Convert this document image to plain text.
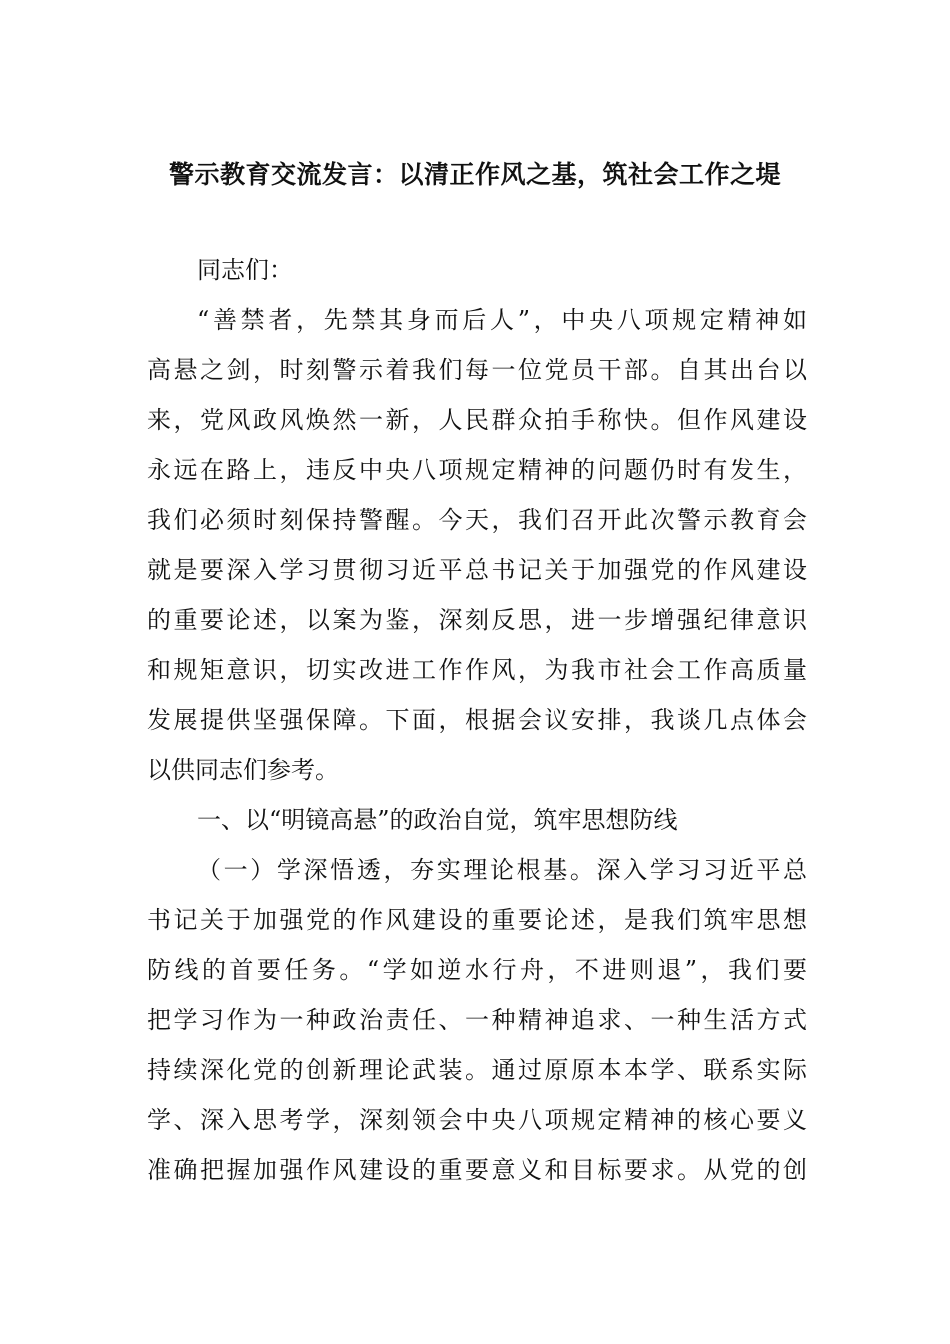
警示教育交流发言：以清正作风之基，筑社会工作之堤
同志们：
“善禁者，先禁其身而后人”，中央八项规定精神如
高悬之剑，时刻警示着我们每一位党员干部。自其出台以
来，党风政风焕然一新，人民群众拍手称快。但作风建设
永远在路上，违反中央八项规定精神的问题仍时有发生，
我们必须时刻保持警醒。今天，我们召开此次警示教育会
就是要深入学习贯彻习近平总书记关于加强党的作风建设
的重要论述，以案为鉴，深刻反思，进一步增强纪律意识
和规矩意识，切实改进工作作风，为我市社会工作高质量
发展提供坚强保障。下面，根据会议安排，我谈几点体会
以供同志们参考。
一、以“明镜高悬”的政治自觉，筑牢思想防线
（一）学深悟透，夯实理论根基。深入学习习近平总
书记关于加强党的作风建设的重要论述，是我们筑牢思想
防线的首要任务。“学如逆水行舟，不进则退”，我们要
把学习作为一种政治责任、一种精神追求、一种生活方式
持续深化党的创新理论武装。通过原原本本学、联系实际
学、深入思考学，深刻领会中央八项规定精神的核心要义
准确把握加强作风建设的重要意义和目标要求。从党的创
